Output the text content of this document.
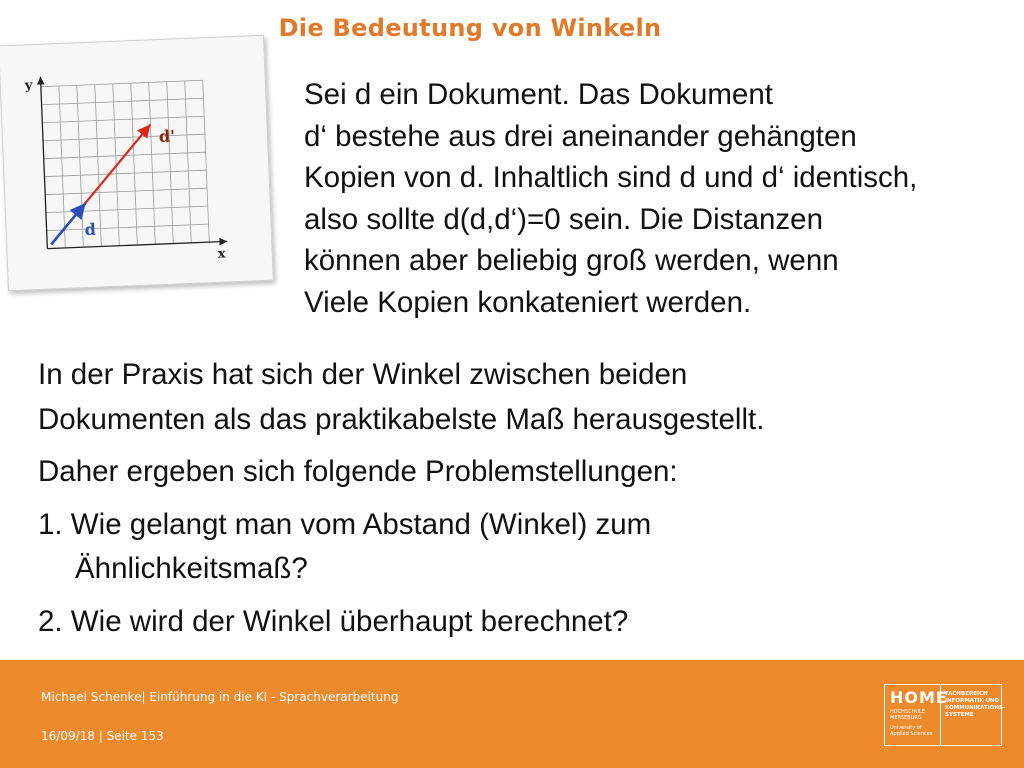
Die Bedeutung von Winkeln
y
x
d'
d
Sei d ein Dokument. Das Dokument
d‘ bestehe aus drei aneinander gehängten
Kopien von d. Inhaltlich sind d und d‘ identisch,
also sollte d(d,d‘)=0 sein. Die Distanzen
können aber beliebig groß werden, wenn
Viele Kopien konkateniert werden.
In der Praxis hat sich der Winkel zwischen beiden
Dokumenten als das praktikabelste Maß herausgestellt.
Daher ergeben sich folgende Problemstellungen:
1. Wie gelangt man vom Abstand (Winkel) zum
Ähnlichkeitsmaß?
2. Wie wird der Winkel überhaupt berechnet?
Michael Schenke| Einführung in die KI - Sprachverarbeitung
16/09/18 | Seite 153
HOME
HOCHSCHULE
MERSEBURG
University of
Applied Sciences
FACHBEREICH
INFORMATIK UND
KOMMUNIKATIONS-
SYSTEME
